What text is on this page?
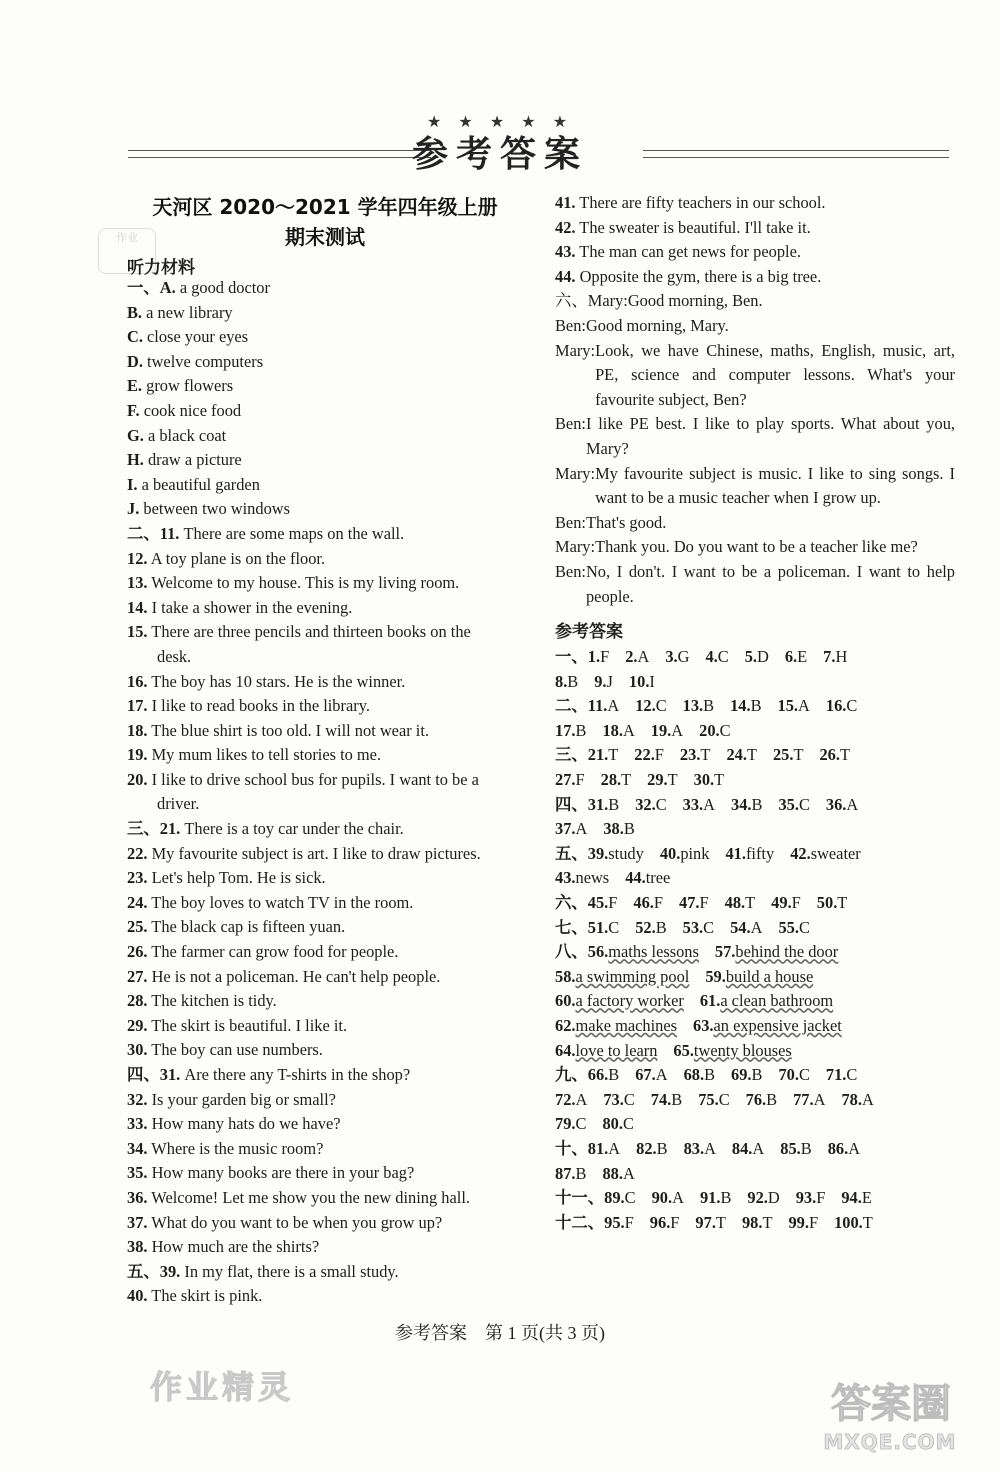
★ ★ ★ ★ ★
参考答案
天河区 2020～2021 学年四年级上册
期末测试
作业
听力材料
一、A. a good doctor
B. a new library
C. close your eyes
D. twelve computers
E. grow flowers
F. cook nice food
G. a black coat
H. draw a picture
I. a beautiful garden
J. between two windows
二、11. There are some maps on the wall.
12. A toy plane is on the floor.
13. Welcome to my house. This is my living room.
14. I take a shower in the evening.
15. There are three pencils and thirteen books on the
desk.
16. The boy has 10 stars. He is the winner.
17. I like to read books in the library.
18. The blue shirt is too old. I will not wear it.
19. My mum likes to tell stories to me.
20. I like to drive school bus for pupils. I want to be a
driver.
三、21. There is a toy car under the chair.
22. My favourite subject is art. I like to draw pictures.
23. Let's help Tom. He is sick.
24. The boy loves to watch TV in the room.
25. The black cap is fifteen yuan.
26. The farmer can grow food for people.
27. He is not a policeman. He can't help people.
28. The kitchen is tidy.
29. The skirt is beautiful. I like it.
30. The boy can use numbers.
四、31. Are there any T-shirts in the shop?
32. Is your garden big or small?
33. How many hats do we have?
34. Where is the music room?
35. How many books are there in your bag?
36. Welcome! Let me show you the new dining hall.
37. What do you want to be when you grow up?
38. How much are the shirts?
五、39. In my flat, there is a small study.
40. The skirt is pink.
41. There are fifty teachers in our school.
42. The sweater is beautiful. I'll take it.
43. The man can get news for people.
44. Opposite the gym, there is a big tree.
六、Mary: Good morning, Ben.
Ben: Good morning, Mary.
Mary: Look, we have Chinese, maths, English, music, art, PE, science and computer lessons. What's your favourite subject, Ben?
Ben: I like PE best. I like to play sports. What about you, Mary?
Mary: My favourite subject is music. I like to sing songs. I want to be a music teacher when I grow up.
Ben: That's good.
Mary: Thank you. Do you want to be a teacher like me?
Ben: No, I don't. I want to be a policeman. I want to help people.
参考答案
一、1.F 2.A 3.G 4.C 5.D 6.E 7.H
8.B 9.J 10.I
二、11.A 12.C 13.B 14.B 15.A 16.C
17.B 18.A 19.A 20.C
三、21.T 22.F 23.T 24.T 25.T 26.T
27.F 28.T 29.T 30.T
四、31.B 32.C 33.A 34.B 35.C 36.A
37.A 38.B
五、39.study 40.pink 41.fifty 42.sweater
43.news 44.tree
六、45.F 46.F 47.F 48.T 49.F 50.T
七、51.C 52.B 53.C 54.A 55.C
八、56.maths lessons 57.behind the door
58.a swimming pool 59.build a house
60.a factory worker 61.a clean bathroom
62.make machines 63.an expensive jacket
64.love to learn 65.twenty blouses
九、66.B 67.A 68.B 69.B 70.C 71.C
72.A 73.C 74.B 75.C 76.B 77.A 78.A
79.C 80.C
十、81.A 82.B 83.A 84.A 85.B 86.A
87.B 88.A
十一、89.C 90.A 91.B 92.D 93.F 94.E
十二、95.F 96.F 97.T 98.T 99.F 100.T
参考答案　第 1 页(共 3 页)
作业精灵	答案圈
MXQE.COM
